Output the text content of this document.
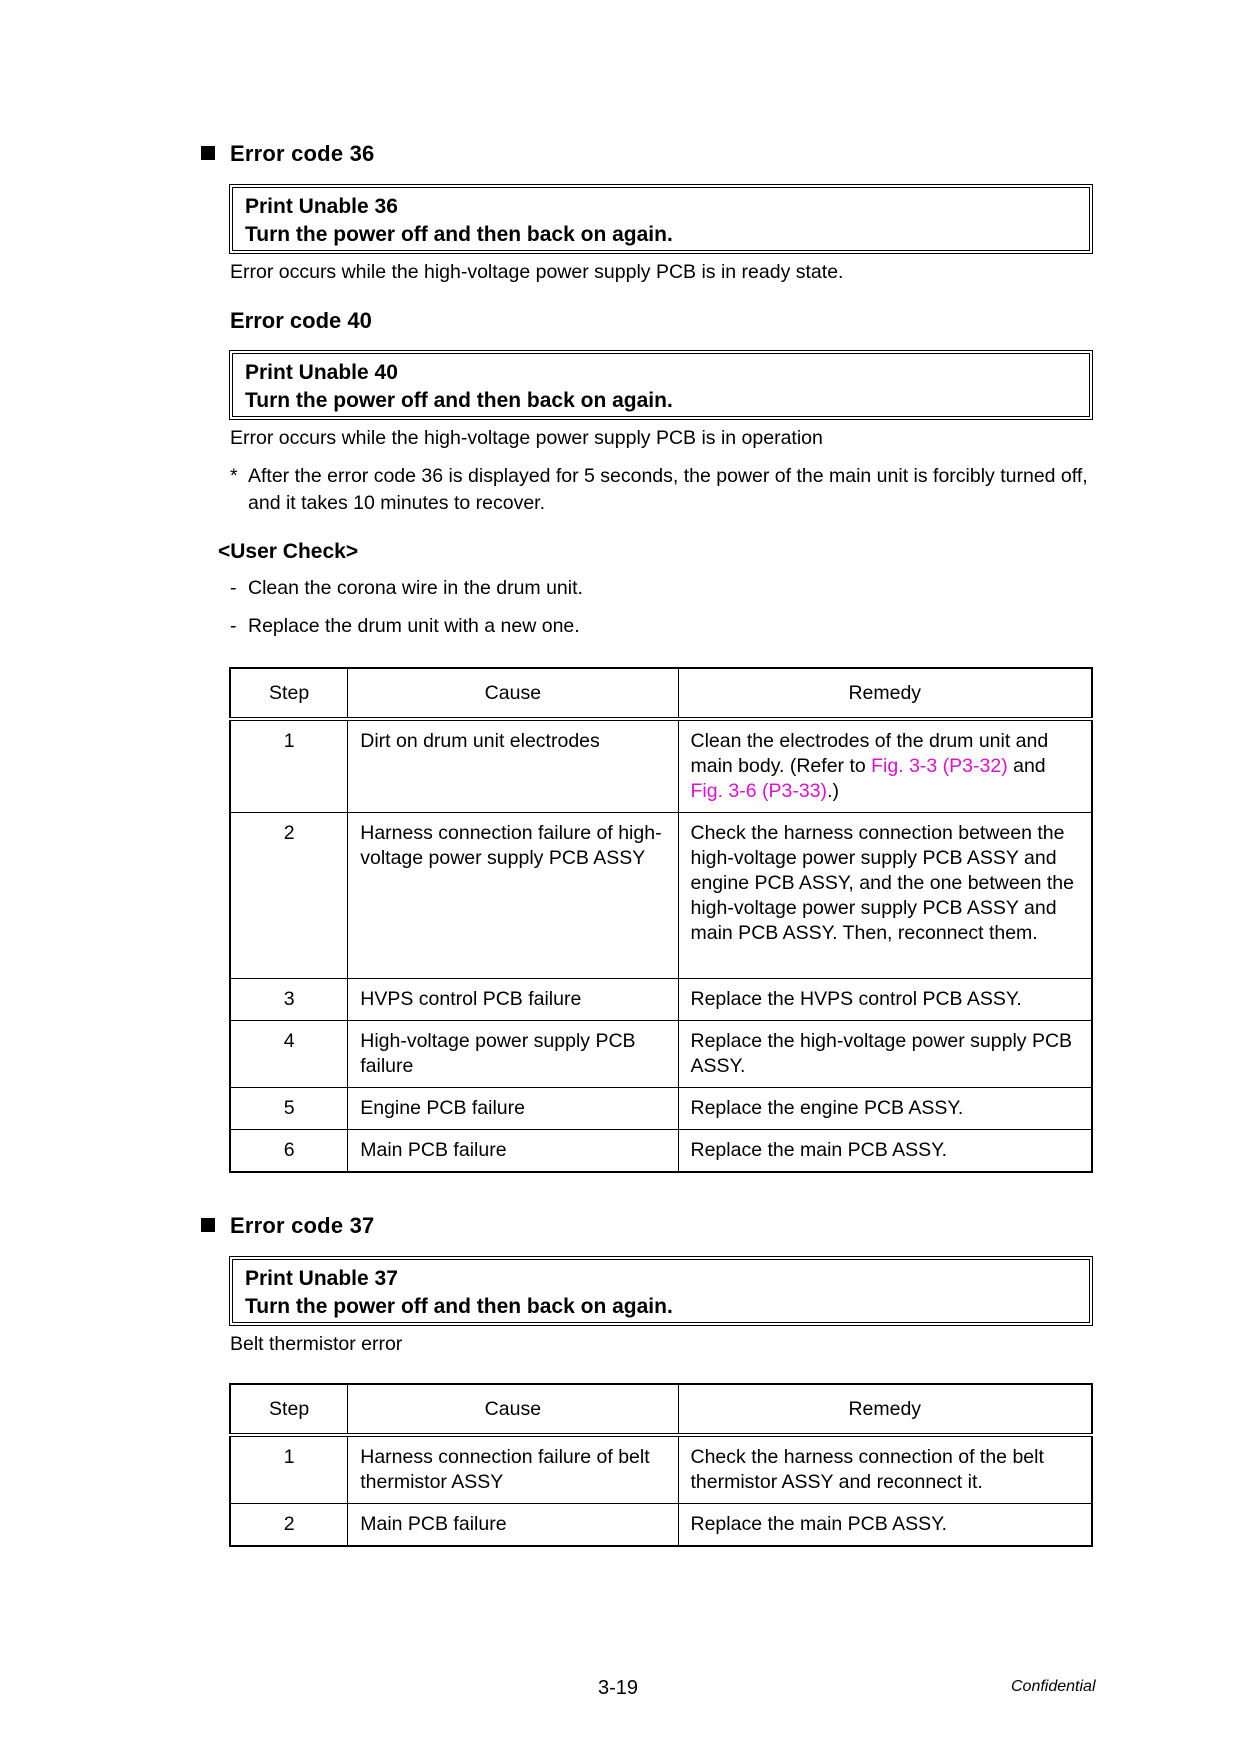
Error code 36
Print Unable 36
Turn the power off and then back on again.
Error occurs while the high-voltage power supply PCB is in ready state.
Error code 40
Print Unable 40
Turn the power off and then back on again.
Error occurs while the high-voltage power supply PCB is in operation
* After the error code 36 is displayed for 5 seconds, the power of the main unit is forcibly turned off, and it takes 10 minutes to recover.
<User Check>
- Clean the corona wire in the drum unit.
- Replace the drum unit with a new one.
Step	Cause	Remedy
1	Dirt on drum unit electrodes	Clean the electrodes of the drum unit and main body. (Refer to Fig. 3-3 (P3-32) and Fig. 3-6 (P3-33).)
2	Harness connection failure of high-voltage power supply PCB ASSY	Check the harness connection between the high-voltage power supply PCB ASSY and engine PCB ASSY, and the one between the high-voltage power supply PCB ASSY and main PCB ASSY. Then, reconnect them.
3	HVPS control PCB failure	Replace the HVPS control PCB ASSY.
4	High-voltage power supply PCB failure	Replace the high-voltage power supply PCB ASSY.
5	Engine PCB failure	Replace the engine PCB ASSY.
6	Main PCB failure	Replace the main PCB ASSY.
Error code 37
Print Unable 37
Turn the power off and then back on again.
Belt thermistor error
Step	Cause	Remedy
1	Harness connection failure of belt thermistor ASSY	Check the harness connection of the belt thermistor ASSY and reconnect it.
2	Main PCB failure	Replace the main PCB ASSY.
3-19	Confidential
